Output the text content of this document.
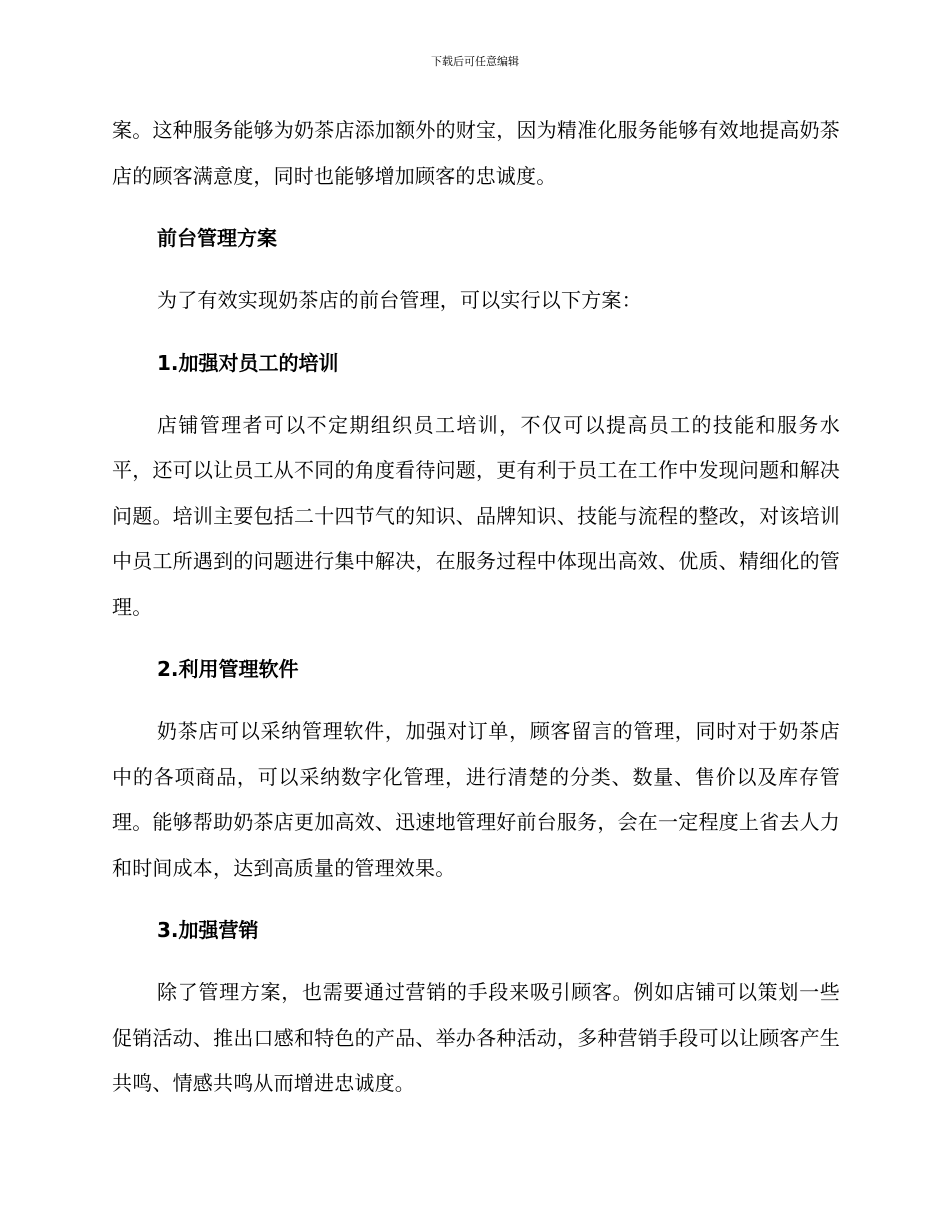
下载后可任意编辑

案。这种服务能够为奶茶店添加额外的财宝，因为精准化服务能够有效地提高奶茶店的顾客满意度，同时也能够增加顾客的忠诚度。

前台管理方案

为了有效实现奶茶店的前台管理，可以实行以下方案：

1.加强对员工的培训

店铺管理者可以不定期组织员工培训，不仅可以提高员工的技能和服务水平，还可以让员工从不同的角度看待问题，更有利于员工在工作中发现问题和解决问题。培训主要包括二十四节气的知识、品牌知识、技能与流程的整改，对该培训中员工所遇到的问题进行集中解决，在服务过程中体现出高效、优质、精细化的管理。

2.利用管理软件

奶茶店可以采纳管理软件，加强对订单，顾客留言的管理，同时对于奶茶店中的各项商品，可以采纳数字化管理，进行清楚的分类、数量、售价以及库存管理。能够帮助奶茶店更加高效、迅速地管理好前台服务，会在一定程度上省去人力和时间成本，达到高质量的管理效果。

3.加强营销

除了管理方案，也需要通过营销的手段来吸引顾客。例如店铺可以策划一些促销活动、推出口感和特色的产品、举办各种活动，多种营销手段可以让顾客产生共鸣、情感共鸣从而增进忠诚度。
